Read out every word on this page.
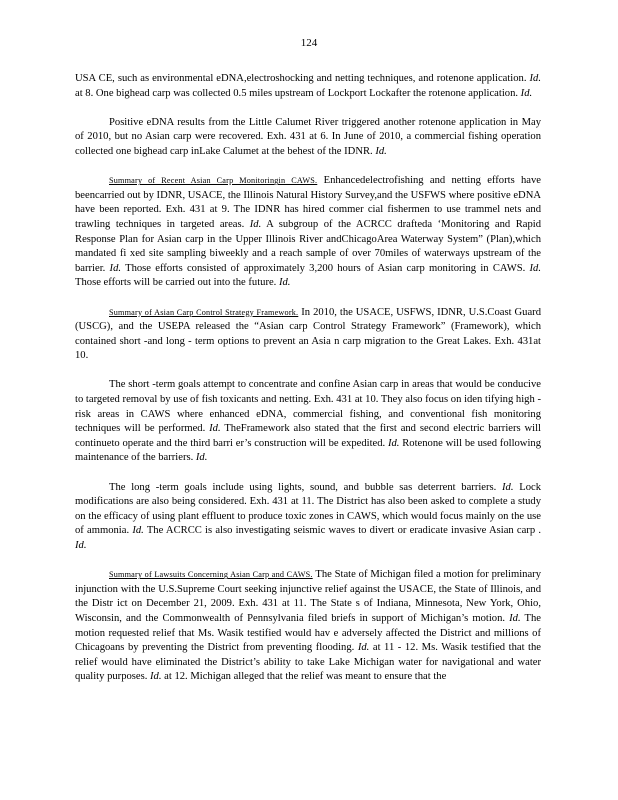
124

USA CE, such as environmental eDNA,electroshocking and netting techniques, and rotenone application. Id. at 8. One bighead carp was collected 0.5 miles upstream of Lockport Lockafter the rotenone application. Id.

Positive eDNA results from the Little Calumet River triggered another rotenone application in May of 2010, but no Asian carp were recovered. Exh. 431 at 6. In June of 2010, a commercial fishing operation collected one bighead carp inLake Calumet at the behest of the IDNR. Id.

Summary of Recent Asian Carp Monitoringin CAWS. Enhancedelectrofishing and netting efforts have beencarried out by IDNR, USACE, the Illinois Natural History Survey,and the USFWS where positive eDNA have been reported. Exh. 431 at 9. The IDNR has hired commer cial fishermen to use trammel nets and trawling techniques in targeted areas. Id. A subgroup of the ACRCC drafteda ‘Monitoring and Rapid Response Plan for Asian carp in the Upper Illinois River andChicagoArea Waterway System” (Plan),which mandated fi xed site sampling biweekly and a reach sample of over 70miles of waterways upstream of the barrier. Id. Those efforts consisted of approximately 3,200 hours of Asian carp monitoring in CAWS. Id. Those efforts will be carried out into the future. Id.

Summary of Asian Carp Control Strategy Framework. In 2010, the USACE, USFWS, IDNR, U.S.Coast Guard (USCG), and the USEPA released the “Asian carp Control Strategy Framework” (Framework), which contained short -and long - term options to prevent an Asia n carp migration to the Great Lakes. Exh. 431at 10.

The short -term goals attempt to concentrate and confine Asian carp in areas that would be conducive to targeted removal by use of fish toxicants and netting. Exh. 431 at 10. They also focus on iden tifying high -risk areas in CAWS where enhanced eDNA, commercial fishing, and conventional fish monitoring techniques will be performed. Id. TheFramework also stated that the first and second electric barriers will continueto operate and the third barri er’s construction will be expedited. Id. Rotenone will be used following maintenance of the barriers. Id.

The long -term goals include using lights, sound, and bubble sas deterrent barriers. Id. Lock modifications are also being considered. Exh. 431 at 11. The District has also been asked to complete a study on the efficacy of using plant effluent to produce toxic zones in CAWS, which would focus mainly on the use of ammonia. Id. The ACRCC is also investigating seismic waves to divert or eradicate invasive Asian carp . Id.

Summary of Lawsuits Concerning Asian Carp and CAWS. The State of Michigan filed a motion for preliminary injunction with the U.S.Supreme Court seeking injunctive relief against the USACE, the State of Illinois, and the Distr ict on December 21, 2009. Exh. 431 at 11. The State s of Indiana, Minnesota, New York, Ohio, Wisconsin, and the Commonwealth of Pennsylvania filed briefs in support of Michigan’s motion. Id. The motion requested relief that Ms. Wasik testified would hav e adversely affected the District and millions of Chicagoans by preventing the District from preventing flooding. Id. at 11 - 12. Ms. Wasik testified that the relief would have eliminated the District’s ability to take Lake Michigan water for navigational and water quality purposes. Id. at 12. Michigan alleged that the relief was meant to ensure that the
